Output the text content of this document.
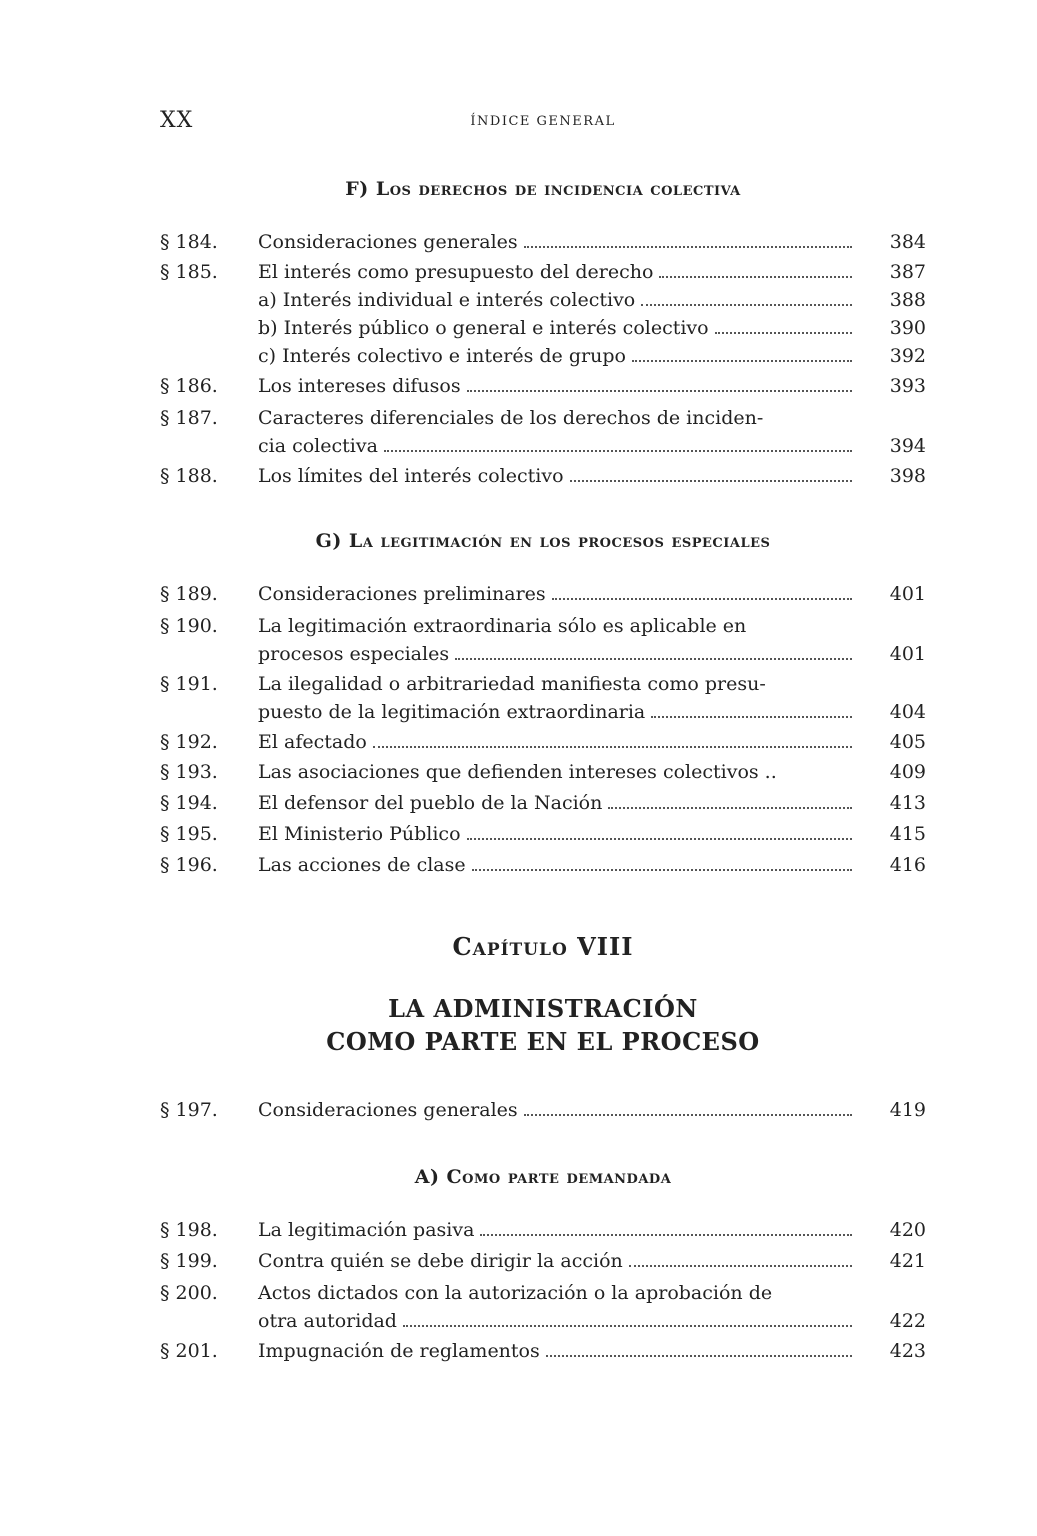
XX	ÍNDICE GENERAL
F) Los derechos de incidencia colectiva
§ 184.	Consideraciones generales	384
§ 185.	El interés como presupuesto del derecho	387
a) Interés individual e interés colectivo	388
b) Interés público o general e interés colectivo	390
c) Interés colectivo e interés de grupo	392
§ 186.	Los intereses difusos	393
§ 187.	Caracteres diferenciales de los derechos de inciden-
cia colectiva	394
§ 188.	Los límites del interés colectivo	398
G) La legitimación en los procesos especiales
§ 189.	Consideraciones preliminares	401
§ 190.	La legitimación extraordinaria sólo es aplicable en
procesos especiales	401
§ 191.	La ilegalidad o arbitrariedad manifiesta como presu-
puesto de la legitimación extraordinaria	404
§ 192.	El afectado	405
§ 193.	Las asociaciones que defienden intereses colectivos ..	409
§ 194.	El defensor del pueblo de la Nación	413
§ 195.	El Ministerio Público	415
§ 196.	Las acciones de clase	416
Capítulo VIII
LA ADMINISTRACIÓN
COMO PARTE EN EL PROCESO
§ 197.	Consideraciones generales	419
A) Como parte demandada
§ 198.	La legitimación pasiva	420
§ 199.	Contra quién se debe dirigir la acción	421
§ 200.	Actos dictados con la autorización o la aprobación de
otra autoridad	422
§ 201.	Impugnación de reglamentos	423
